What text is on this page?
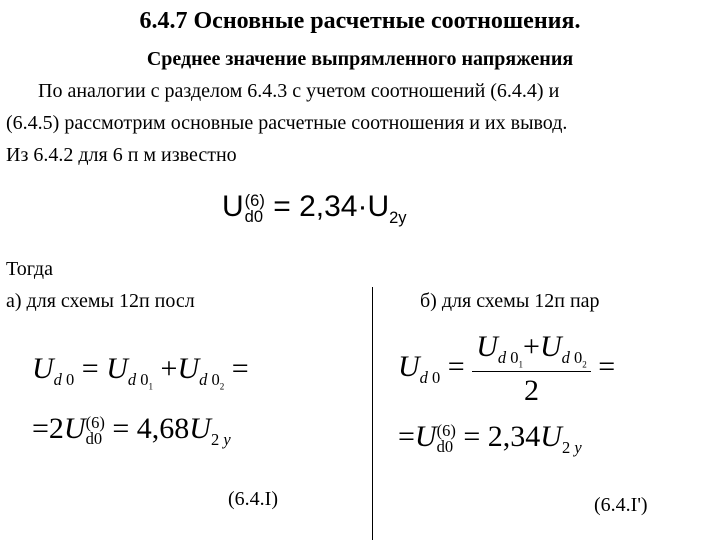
6.4.7 Основные расчетные соотношения.
Среднее значение выпрямленного напряжения
По аналогии с разделом 6.4.3 с учетом соотношений (6.4.4) и
(6.4.5) рассмотрим основные расчетные соотношения и их вывод.
Из 6.4.2 для 6 п м известно
U (6)
$d0 = 2,34\cdot U_{2y}$
Тогда
а) для схемы 12п посл	б) для схемы 12п пар
$U_{d 0} = U_{d 0_1} +U_{d 0_2}$ =
=2U (6)
$d0 = 4,68U_{2 y}$
(6.4.I)
$U_{d 0} = \frac{U_{d 0_1}+U_{d 0_2}}{2}$ =
=U (6)
$d0 = 2,34U_{2 y}$
(6.4.I')
